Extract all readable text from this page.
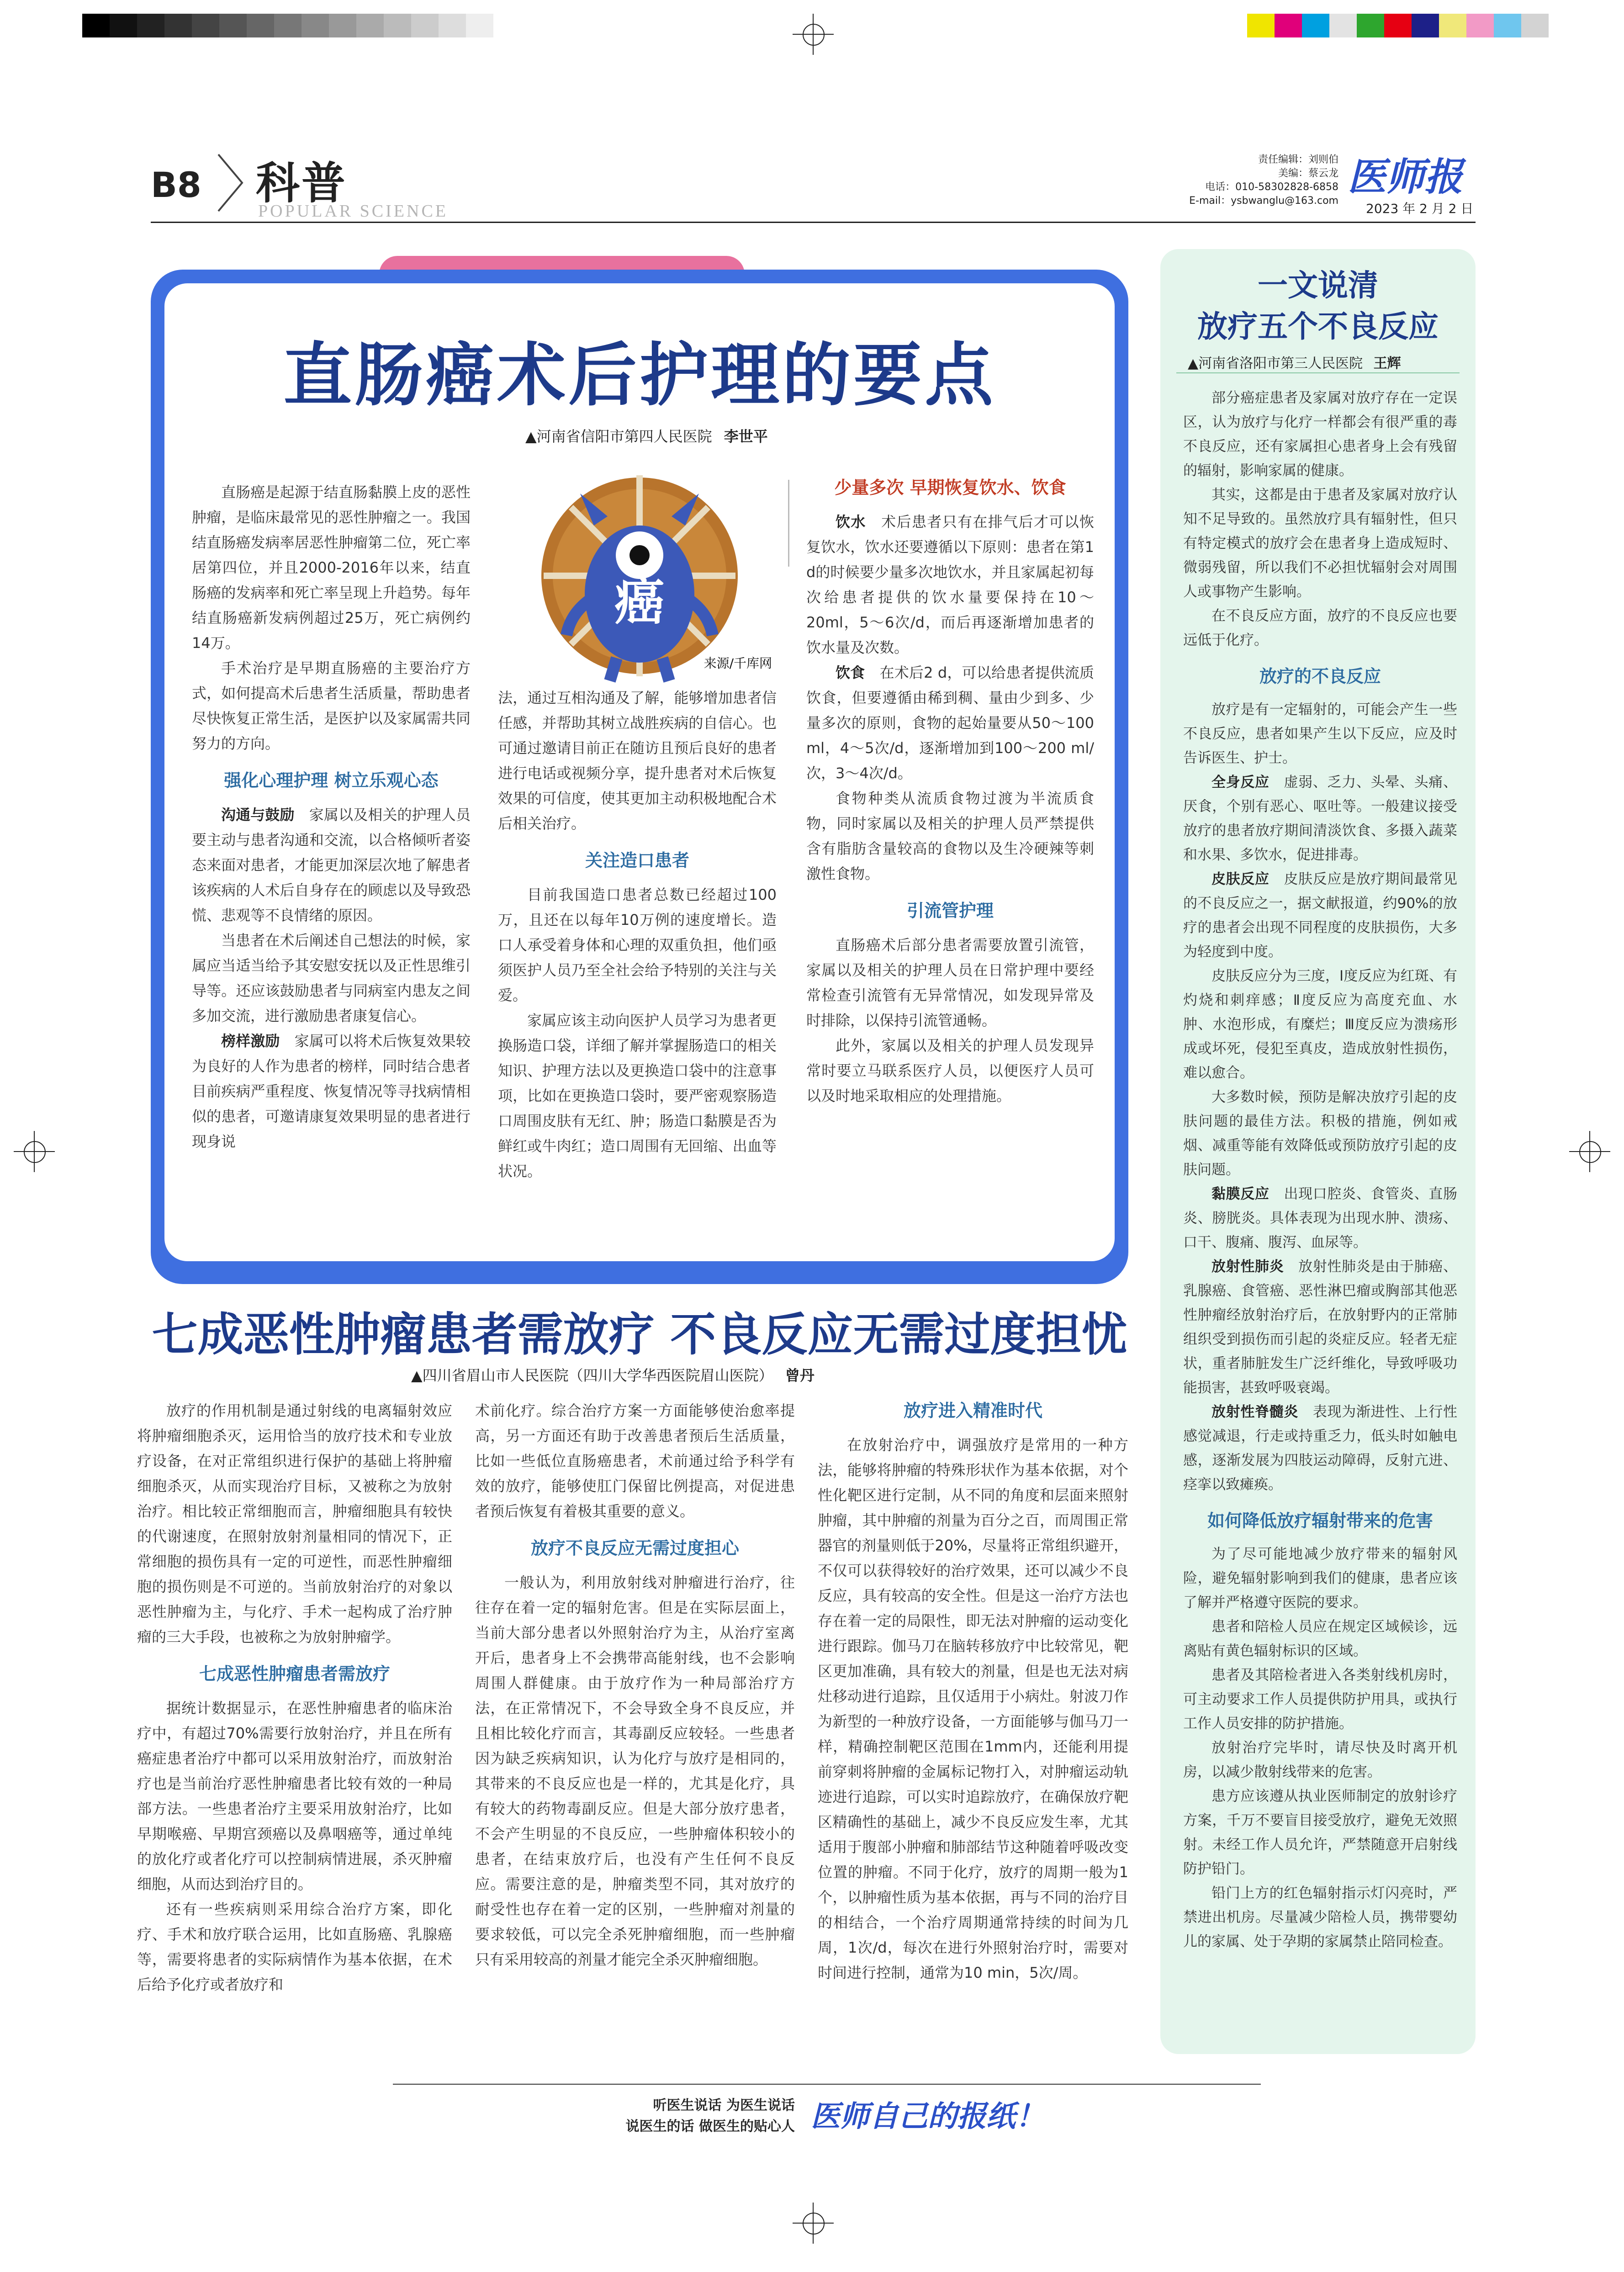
B8 科普
POPULAR SCIENCE
责任编辑：刘则伯
美编：蔡云龙
电话：010-58302828-6858
E-mail：ysbwanglu@163.com
医师报
2023 年 2 月 2 日
直肠癌术后护理的要点
▲河南省信阳市第四人民医院 李世平
癌
来源/千库网

直肠癌是起源于结直肠黏膜上皮的恶性肿瘤，是临床最常见的恶性肿瘤之一。我国结直肠癌发病率居恶性肿瘤第二位，死亡率居第四位，并且2000-2016年以来，结直肠癌的发病率和死亡率呈现上升趋势。每年结直肠癌新发病例超过25万，死亡病例约14万。

手术治疗是早期直肠癌的主要治疗方式，如何提高术后患者生活质量，帮助患者尽快恢复正常生活，是医护以及家属需共同努力的方向。

强化心理护理 树立乐观心态

沟通与鼓励　 家属以及相关的护理人员要主动与患者沟通和交流，以合格倾听者姿态来面对患者，才能更加深层次地了解患者该疾病的人术后自身存在的顾虑以及导致恐慌、悲观等不良情绪的原因。

当患者在术后阐述自己想法的时候，家属应当适当给予其安慰安抚以及正性思维引导等。还应该鼓励患者与同病室内患友之间多加交流，进行激励患者康复信心。

榜样激励　 家属可以将术后恢复效果较为良好的人作为患者的榜样，同时结合患者目前疾病严重程度、恢复情况等寻找病情相似的患者，可邀请康复效果明显的患者进行现身说

法，通过互相沟通及了解，能够增加患者信任感，并帮助其树立战胜疾病的自信心。也可通过邀请目前正在随访且预后良好的患者进行电话或视频分享，提升患者对术后恢复效果的可信度，使其更加主动积极地配合术后相关治疗。

关注造口患者

目前我国造口患者总数已经超过100万，且还在以每年10万例的速度增长。造口人承受着身体和心理的双重负担，他们亟须医护人员乃至全社会给予特别的关注与关爱。

家属应该主动向医护人员学习为患者更换肠造口袋，详细了解并掌握肠造口的相关知识、护理方法以及更换造口袋中的注意事项，比如在更换造口袋时，要严密观察肠造口周围皮肤有无红、肿；肠造口黏膜是否为鲜红或牛肉红；造口周围有无回缩、出血等状况。

少量多次 早期恢复饮水、饮食

饮水　 术后患者只有在排气后才可以恢复饮水，饮水还要遵循以下原则：患者在第1 d的时候要少量多次地饮水，并且家属起初每次给患者提供的饮水量要保持在10～20ml，5～6次/d，而后再逐渐增加患者的饮水量及次数。

饮食　 在术后2 d，可以给患者提供流质饮食，但要遵循由稀到稠、量由少到多、少量多次的原则，食物的起始量要从50～100 ml，4～5次/d，逐渐增加到100～200 ml/次，3～4次/d。

食物种类从流质食物过渡为半流质食物，同时家属以及相关的护理人员严禁提供含有脂肪含量较高的食物以及生冷硬辣等刺激性食物。

引流管护理

直肠癌术后部分患者需要放置引流管，家属以及相关的护理人员在日常护理中要经常检查引流管有无异常情况，如发现异常及时排除，以保持引流管通畅。

此外，家属以及相关的护理人员发现异常时要立马联系医疗人员，以便医疗人员可以及时地采取相应的处理措施。

七成恶性肿瘤患者需放疗 不良反应无需过度担忧
▲四川省眉山市人民医院（四川大学华西医院眉山医院） 曾丹

放疗的作用机制是通过射线的电离辐射效应将肿瘤细胞杀灭，运用恰当的放疗技术和专业放疗设备，在对正常组织进行保护的基础上将肿瘤细胞杀灭，从而实现治疗目标，又被称之为放射治疗。相比较正常细胞而言，肿瘤细胞具有较快的代谢速度，在照射放射剂量相同的情况下，正常细胞的损伤具有一定的可逆性，而恶性肿瘤细胞的损伤则是不可逆的。当前放射治疗的对象以恶性肿瘤为主，与化疗、手术一起构成了治疗肿瘤的三大手段，也被称之为放射肿瘤学。

七成恶性肿瘤患者需放疗

据统计数据显示，在恶性肿瘤患者的临床治疗中，有超过70%需要行放射治疗，并且在所有癌症患者治疗中都可以采用放射治疗，而放射治疗也是当前治疗恶性肿瘤患者比较有效的一种局部方法。一些患者治疗主要采用放射治疗，比如早期喉癌、早期宫颈癌以及鼻咽癌等，通过单纯的放化疗或者化疗可以控制病情进展，杀灭肿瘤细胞，从而达到治疗目的。

还有一些疾病则采用综合治疗方案，即化疗、手术和放疗联合运用，比如直肠癌、乳腺癌等，需要将患者的实际病情作为基本依据，在术后给予化疗或者放疗和

术前化疗。综合治疗方案一方面能够使治愈率提高，另一方面还有助于改善患者预后生活质量，比如一些低位直肠癌患者，术前通过给予科学有效的放疗，能够使肛门保留比例提高，对促进患者预后恢复有着极其重要的意义。

放疗不良反应无需过度担心

一般认为，利用放射线对肿瘤进行治疗，往往存在着一定的辐射危害。但是在实际层面上，当前大部分患者以外照射治疗为主，从治疗室离开后，患者身上不会携带高能射线，也不会影响周围人群健康。由于放疗作为一种局部治疗方法，在正常情况下，不会导致全身不良反应，并且相比较化疗而言，其毒副反应较轻。一些患者因为缺乏疾病知识，认为化疗与放疗是相同的，其带来的不良反应也是一样的，尤其是化疗，具有较大的药物毒副反应。但是大部分放疗患者，不会产生明显的不良反应，一些肿瘤体积较小的患者，在结束放疗后，也没有产生任何不良反应。需要注意的是，肿瘤类型不同，其对放疗的耐受性也存在着一定的区别，一些肿瘤对剂量的要求较低，可以完全杀死肿瘤细胞，而一些肿瘤只有采用较高的剂量才能完全杀灭肿瘤细胞。

放疗进入精准时代

在放射治疗中，调强放疗是常用的一种方法，能够将肿瘤的特殊形状作为基本依据，对个性化靶区进行定制，从不同的角度和层面来照射肿瘤，其中肿瘤的剂量为百分之百，而周围正常器官的剂量则低于20%，尽量将正常组织避开，不仅可以获得较好的治疗效果，还可以减少不良反应，具有较高的安全性。但是这一治疗方法也存在着一定的局限性，即无法对肿瘤的运动变化进行跟踪。伽马刀在脑转移放疗中比较常见，靶区更加准确，具有较大的剂量，但是也无法对病灶移动进行追踪，且仅适用于小病灶。射波刀作为新型的一种放疗设备，一方面能够与伽马刀一样，精确控制靶区范围在1mm内，还能利用提前穿刺将肿瘤的金属标记物打入，对肿瘤运动轨迹进行追踪，可以实时追踪放疗，在确保放疗靶区精确性的基础上，减少不良反应发生率，尤其适用于腹部小肿瘤和肺部结节这种随着呼吸改变位置的肿瘤。不同于化疗，放疗的周期一般为1个，以肿瘤性质为基本依据，再与不同的治疗目的相结合，一个治疗周期通常持续的时间为几周，1次/d，每次在进行外照射治疗时，需要对时间进行控制，通常为10 min，5次/周。

一文说清
放疗五个不良反应
▲河南省洛阳市第三人民医院 王辉

部分癌症患者及家属对放疗存在一定误区，认为放疗与化疗一样都会有很严重的毒不良反应，还有家属担心患者身上会有残留的辐射，影响家属的健康。

其实，这都是由于患者及家属对放疗认知不足导致的。虽然放疗具有辐射性，但只有特定模式的放疗会在患者身上造成短时、微弱残留，所以我们不必担忧辐射会对周围人或事物产生影响。

在不良反应方面，放疗的不良反应也要远低于化疗。

放疗的不良反应

放疗是有一定辐射的，可能会产生一些不良反应，患者如果产生以下反应，应及时告诉医生、护士。

全身反应　 虚弱、乏力、头晕、头痛、厌食，个别有恶心、呕吐等。一般建议接受放疗的患者放疗期间清淡饮食、多摄入蔬菜和水果、多饮水，促进排毒。

皮肤反应　 皮肤反应是放疗期间最常见的不良反应之一，据文献报道，约90%的放疗的患者会出现不同程度的皮肤损伤，大多为轻度到中度。

皮肤反应分为三度，Ⅰ度反应为红斑、有灼烧和刺痒感；Ⅱ度反应为高度充血、水肿、水泡形成，有糜烂；Ⅲ度反应为溃疡形成或坏死，侵犯至真皮，造成放射性损伤，难以愈合。

大多数时候，预防是解决放疗引起的皮肤问题的最佳方法。积极的措施，例如戒烟、减重等能有效降低或预防放疗引起的皮肤问题。

黏膜反应　 出现口腔炎、食管炎、直肠炎、膀胱炎。具体表现为出现水肿、溃疡、口干、腹痛、腹泻、血尿等。

放射性肺炎　 放射性肺炎是由于肺癌、乳腺癌、食管癌、恶性淋巴瘤或胸部其他恶性肿瘤经放射治疗后，在放射野内的正常肺组织受到损伤而引起的炎症反应。轻者无症状，重者肺脏发生广泛纤维化，导致呼吸功能损害，甚致呼吸衰竭。

放射性脊髓炎　 表现为渐进性、上行性感觉减退，行走或持重乏力，低头时如触电感，逐渐发展为四肢运动障碍，反射亢进、痉挛以致瘫痪。

如何降低放疗辐射带来的危害

为了尽可能地减少放疗带来的辐射风险，避免辐射影响到我们的健康，患者应该了解并严格遵守医院的要求。

患者和陪检人员应在规定区域候诊，远离贴有黄色辐射标识的区域。

患者及其陪检者进入各类射线机房时，可主动要求工作人员提供防护用具，或执行工作人员安排的防护措施。

放射治疗完毕时，请尽快及时离开机房，以减少散射线带来的危害。

患方应该遵从执业医师制定的放射诊疗方案，千万不要盲目接受放疗，避免无效照射。未经工作人员允许，严禁随意开启射线防护铅门。

铅门上方的红色辐射指示灯闪亮时，严禁进出机房。尽量减少陪检人员，携带婴幼儿的家属、处于孕期的家属禁止陪同检查。

听医生说话 为医生说话
说医生的话 做医生的贴心人 医师自己的报纸！
